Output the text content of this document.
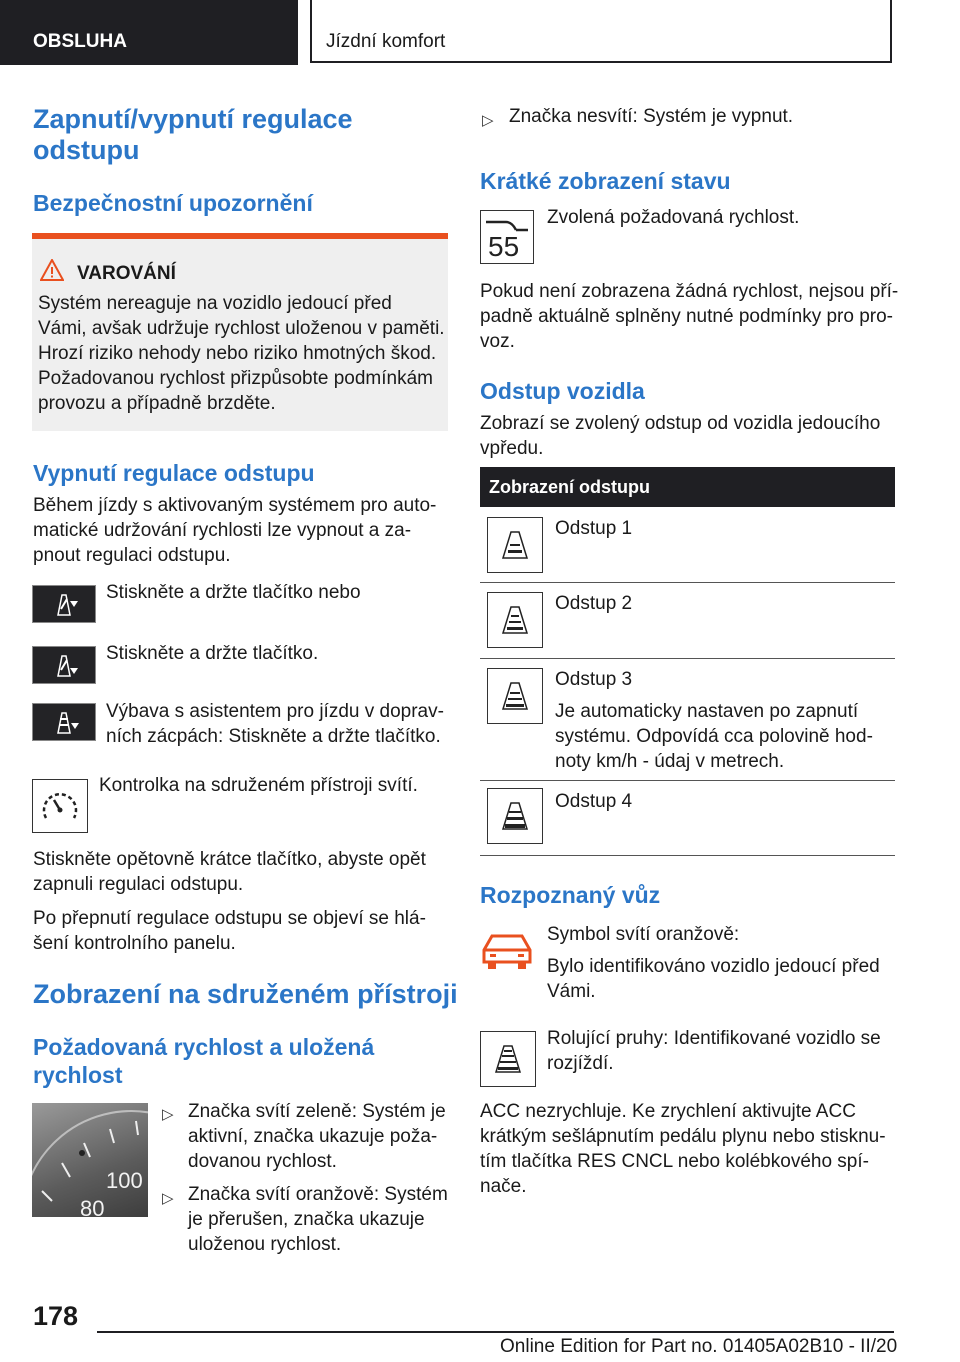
OBSLUHA	Jízdní komfort
Zapnutí/vypnutí regulace odstupu
Bezpečnostní upozornění
VAROVÁNÍ
Systém nereaguje na vozidlo jedoucí před
Vámi, avšak udržuje rychlost uloženou v paměti.
Hrozí riziko nehody nebo riziko hmotných škod.
Požadovanou rychlost přizpůsobte podmínkám
provozu a případně brzděte.
Vypnutí regulace odstupu
Během jízdy s aktivovaným systémem pro auto-
matické udržování rychlosti lze vypnout a za-
pnout regulaci odstupu.
Stiskněte a držte tlačítko nebo
Stiskněte a držte tlačítko.
Výbava s asistentem pro jízdu v doprav-
ních zácpách: Stiskněte a držte tlačítko.
Kontrolka na sdruženém přístroji svítí.
Stiskněte opětovně krátce tlačítko, abyste opět
zapnuli regulaci odstupu.
Po přepnutí regulace odstupu se objeví se hlá-
šení kontrolního panelu.
Zobrazení na sdruženém přístroji
Požadovaná rychlost a uložená rychlost
100
80
▷ Značka svítí zeleně: Systém je
aktivní, značka ukazuje poža-
dovanou rychlost.
▷ Značka svítí oranžově: Systém
je přerušen, značka ukazuje
uloženou rychlost.
▷ Značka nesvítí: Systém je vypnut.
Krátké zobrazení stavu
55
Zvolená požadovaná rychlost.
Pokud není zobrazena žádná rychlost, nejsou pří-
padně aktuálně splněny nutné podmínky pro pro-
voz.
Odstup vozidla
Zobrazí se zvolený odstup od vozidla jedoucího
vpředu.
Zobrazení odstupu
Odstup 1
Odstup 2
Odstup 3
Je automaticky nastaven po zapnutí
systému. Odpovídá cca polovině hod-
noty km/h - údaj v metrech.
Odstup 4
Rozpoznaný vůz
Symbol svítí oranžově:
Bylo identifikováno vozidlo jedoucí před
Vámi.
Rolující pruhy: Identifikované vozidlo se
rozjíždí.
ACC nezrychluje. Ke zrychlení aktivujte ACC
krátkým sešlápnutím pedálu plynu nebo stisknu-
tím tlačítka RES CNCL nebo kolébkového spí-
nače.
178
Online Edition for Part no. 01405A02B10 - II/20
